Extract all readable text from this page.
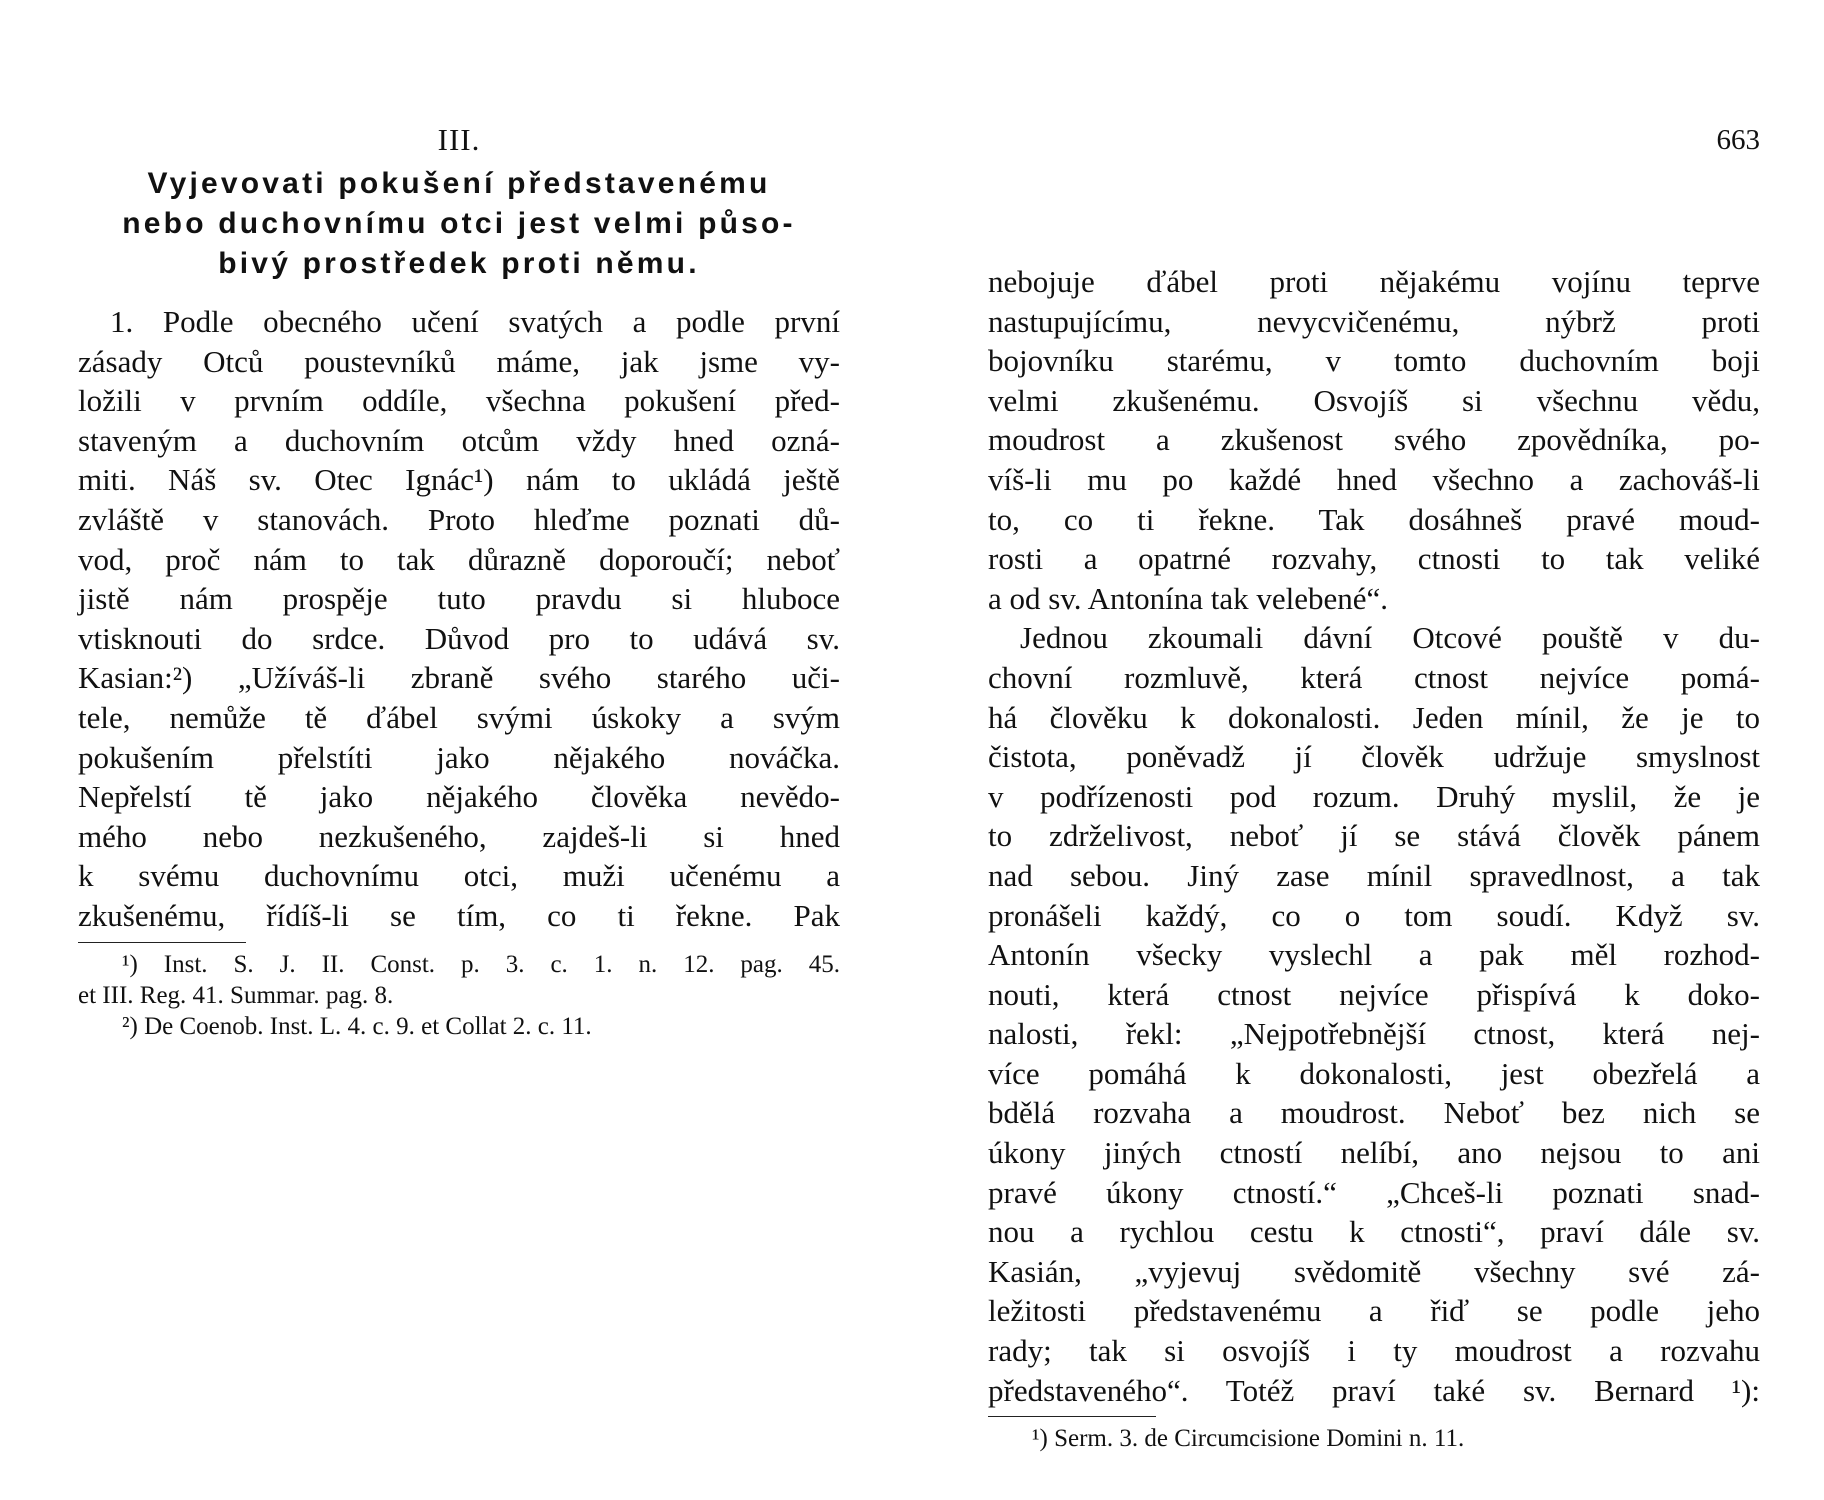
III.
Vyjevovati pokušení představenému
nebo duchovnímu otci jest velmi půso-
bivý prostředek proti němu.
1. Podle obecného učení svatých a podle první
zásady Otců poustevníků máme, jak jsme vy-
ložili v prvním oddíle, všechna pokušení před-
staveným a duchovním otcům vždy hned ozná-
miti. Náš sv. Otec Ignác¹) nám to ukládá ještě
zvláště v stanovách. Proto hleďme poznati dů-
vod, proč nám to tak důrazně doporoučí; neboť
jistě nám prospěje tuto pravdu si hluboce
vtisknouti do srdce. Důvod pro to udává sv.
Kasian:²) „Užíváš-li zbraně svého starého uči-
tele, nemůže tě ďábel svými úskoky a svým
pokušením přelstíti jako nějakého nováčka.
Nepřelstí tě jako nějakého člověka nevědo-
mého nebo nezkušeného, zajdeš-li si hned
k svému duchovnímu otci, muži učenému a
zkušenému, řídíš-li se tím, co ti řekne. Pak
¹) Inst. S. J. II. Const. p. 3. c. 1. n. 12. pag. 45.
et III. Reg. 41. Summar. pag. 8.
²) De Coenob. Inst. L. 4. c. 9. et Collat 2. c. 11.
663
nebojuje ďábel proti nějakému vojínu teprve
nastupujícímu, nevycvičenému, nýbrž proti
bojovníku starému, v tomto duchovním boji
velmi zkušenému. Osvojíš si všechnu vědu,
moudrost a zkušenost svého zpovědníka, po-
víš-li mu po každé hned všechno a zachováš-li
to, co ti řekne. Tak dosáhneš pravé moud-
rosti a opatrné rozvahy, ctnosti to tak veliké
a od sv. Antonína tak velebené“.
Jednou zkoumali dávní Otcové pouště v du-
chovní rozmluvě, která ctnost nejvíce pomá-
há člověku k dokonalosti. Jeden mínil, že je to
čistota, poněvadž jí člověk udržuje smyslnost
v podřízenosti pod rozum. Druhý myslil, že je
to zdrželivost, neboť jí se stává člověk pánem
nad sebou. Jiný zase mínil spravedlnost, a tak
pronášeli každý, co o tom soudí. Když sv.
Antonín všecky vyslechl a pak měl rozhod-
nouti, která ctnost nejvíce přispívá k doko-
nalosti, řekl: „Nejpotřebnější ctnost, která nej-
více pomáhá k dokonalosti, jest obezřelá a
bdělá rozvaha a moudrost. Neboť bez nich se
úkony jiných ctností nelíbí, ano nejsou to ani
pravé úkony ctností.“ „Chceš-li poznati snad-
nou a rychlou cestu k ctnosti“, praví dále sv.
Kasián, „vyjevuj svědomitě všechny své zá-
ležitosti představenému a řiď se podle jeho
rady; tak si osvojíš i ty moudrost a rozvahu
představeného“. Totéž praví také sv. Bernard ¹):
¹) Serm. 3. de Circumcisione Domini n. 11.
